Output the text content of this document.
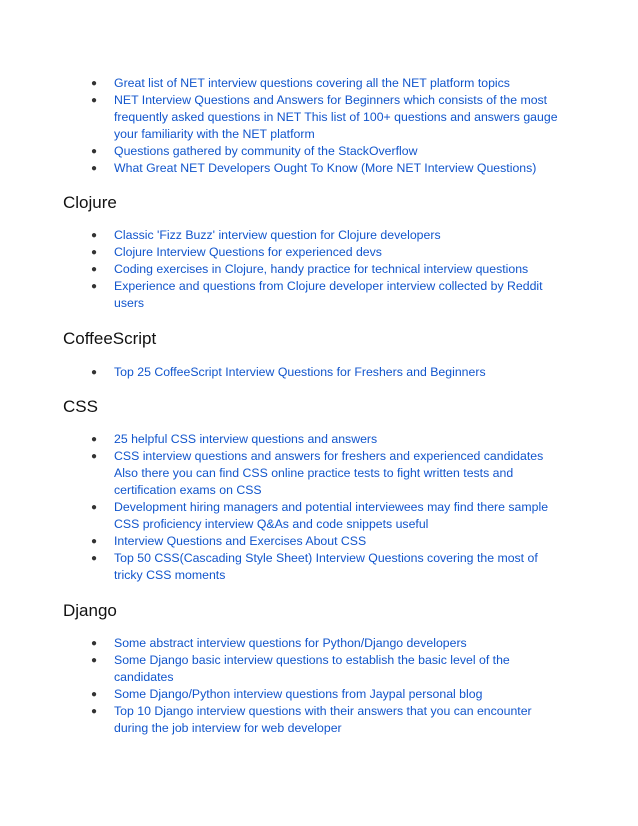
● Great list of NET interview questions covering all the NET platform topics
● NET Interview Questions and Answers for Beginners which consists of the most frequently asked questions in NET This list of 100+ questions and answers gauge your familiarity with the NET platform
● Questions gathered by community of the StackOverflow
● What Great NET Developers Ought To Know (More NET Interview Questions)
Clojure
● Classic 'Fizz Buzz' interview question for Clojure developers
● Clojure Interview Questions for experienced devs
● Coding exercises in Clojure, handy practice for technical interview questions
● Experience and questions from Clojure developer interview collected by Reddit users
CoffeeScript
● Top 25 CoffeeScript Interview Questions for Freshers and Beginners
CSS
● 25 helpful CSS interview questions and answers
● CSS interview questions and answers for freshers and experienced candidates Also there you can find CSS online practice tests to fight written tests and certification exams on CSS
● Development hiring managers and potential interviewees may find there sample CSS proficiency interview Q&As and code snippets useful
● Interview Questions and Exercises About CSS
● Top 50 CSS(Cascading Style Sheet) Interview Questions covering the most of tricky CSS moments
Django
● Some abstract interview questions for Python/Django developers
● Some Django basic interview questions to establish the basic level of the candidates
● Some Django/Python interview questions from Jaypal personal blog
● Top 10 Django interview questions with their answers that you can encounter during the job interview for web developer
